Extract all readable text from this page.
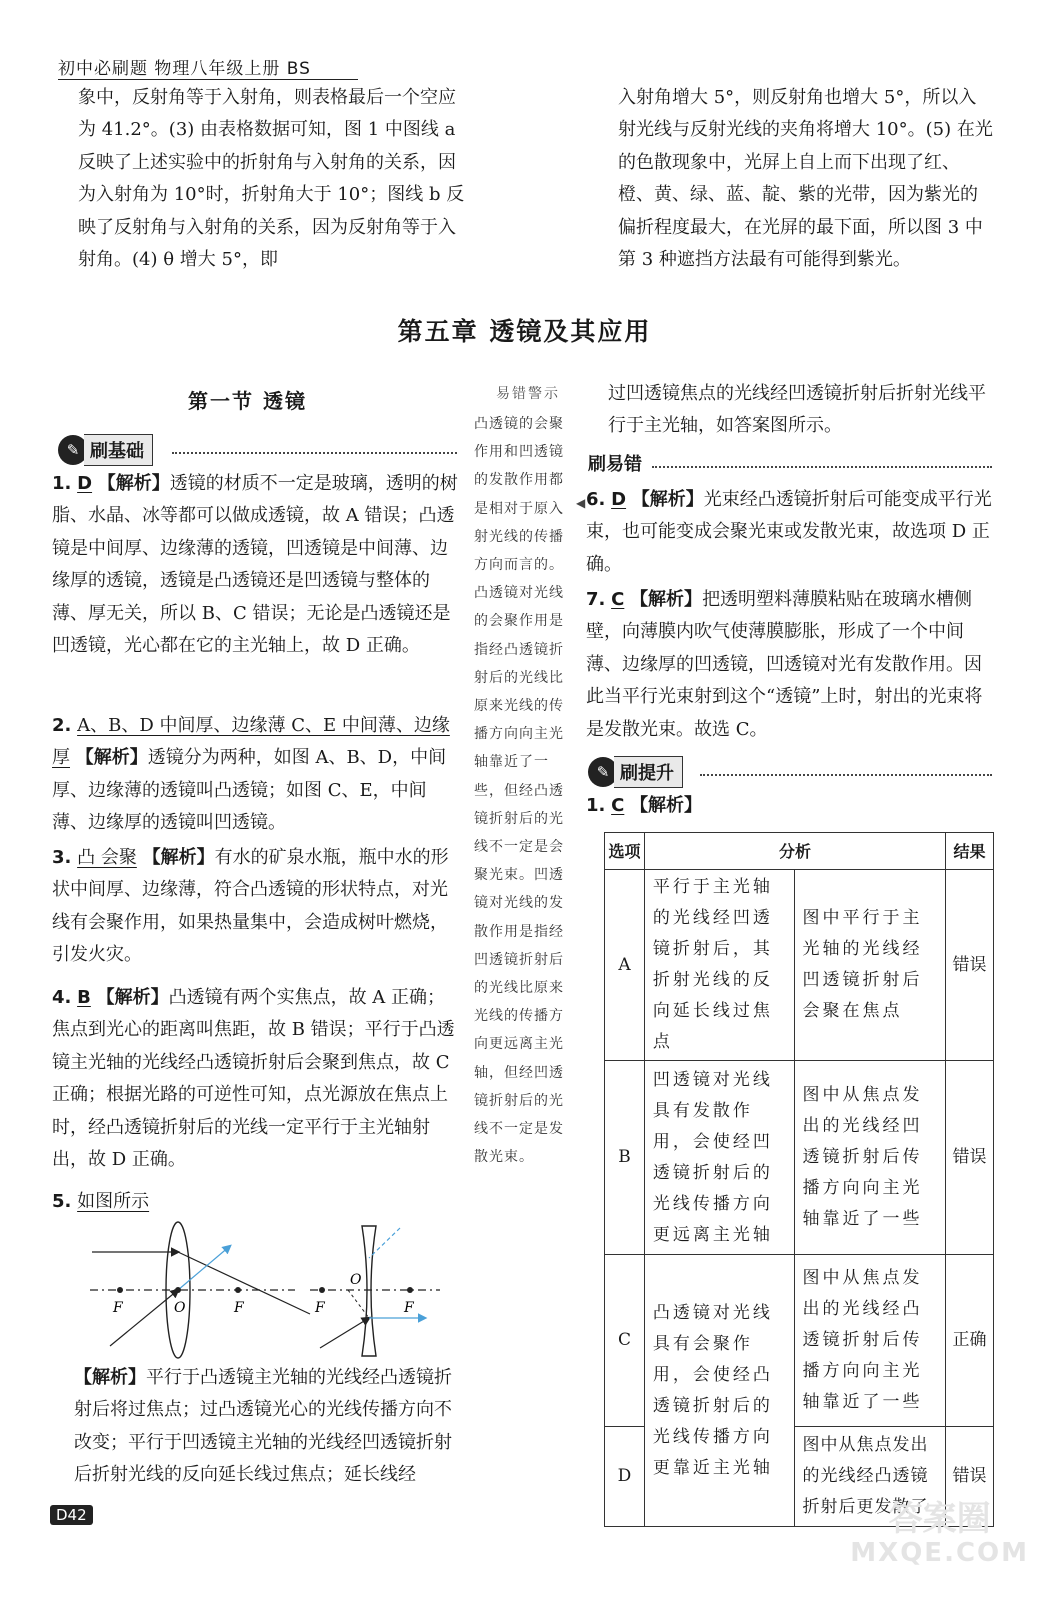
初中必刷题 物理八年级上册 BS

象中，反射角等于入射角，则表格最后一个空应为 41.2°。(3) 由表格数据可知，图 1 中图线 a 反映了上述实验中的折射角与入射角的关系，因为入射角为 10°时，折射角大于 10°；图线 b 反映了反射角与入射角的关系，因为反射角等于入射角。(4) θ 增大 5°，即

入射角增大 5°，则反射角也增大 5°，所以入射光线与反射光线的夹角将增大 10°。(5) 在光的色散现象中，光屏上自上而下出现了红、橙、黄、绿、蓝、靛、紫的光带，因为紫光的偏折程度最大，在光屏的最下面，所以图 3 中第 3 种遮挡方法最有可能得到紫光。

第五章 透镜及其应用
第一节 透镜
✎ 刷基础

1. D 【解析】透镜的材质不一定是玻璃，透明的树脂、水晶、冰等都可以做成透镜，故 A 错误；凸透镜是中间厚、边缘薄的透镜，凹透镜是中间薄、边缘厚的透镜，透镜是凸透镜还是凹透镜与整体的薄、厚无关，所以 B、C 错误；无论是凸透镜还是凹透镜，光心都在它的主光轴上，故 D 正确。

2. A、B、D 中间厚、边缘薄 C、E 中间薄、边缘厚 【解析】透镜分为两种，如图 A、B、D，中间厚、边缘薄的透镜叫凸透镜；如图 C、E，中间薄、边缘厚的透镜叫凹透镜。

3. 凸 会聚 【解析】有水的矿泉水瓶，瓶中水的形状中间厚、边缘薄，符合凸透镜的形状特点，对光线有会聚作用，如果热量集中，会造成树叶燃烧，引发火灾。

4. B 【解析】凸透镜有两个实焦点，故 A 正确；焦点到光心的距离叫焦距，故 B 错误；平行于凸透镜主光轴的光线经凸透镜折射后会聚到焦点，故 C 正确；根据光路的可逆性可知，点光源放在焦点上时，经凸透镜折射后的光线一定平行于主光轴射出，故 D 正确。

5. 如图所示

F	O	F	F
O
F

【解析】平行于凸透镜主光轴的光线经凸透镜折射后将过焦点；过凸透镜光心的光线传播方向不改变；平行于凹透镜主光轴的光线经凹透镜折射后折射光线的反向延长线过焦点；延长线经

易错警示

凸透镜的会聚作用和凹透镜的发散作用都是相对于原入射光线的传播方向而言的。凸透镜对光线的会聚作用是指经凸透镜折射后的光线比原来光线的传播方向向主光轴靠近了一些，但经凸透镜折射后的光线不一定是会聚光束。凹透镜对光线的发散作用是指经凹透镜折射后的光线比原来光线的传播方向更远离主光轴，但经凹透镜折射后的光线不一定是发散光束。

◀

过凹透镜焦点的光线经凹透镜折射后折射光线平行于主光轴，如答案图所示。

刷易错

6. D 【解析】光束经凸透镜折射后可能变成平行光束，也可能变成会聚光束或发散光束，故选项 D 正确。

7. C 【解析】把透明塑料薄膜粘贴在玻璃水槽侧壁，向薄膜内吹气使薄膜膨胀，形成了一个中间薄、边缘厚的凹透镜，凹透镜对光有发散作用。因此当平行光束射到这个“透镜”上时，射出的光束将是发散光束。故选 C。

✎ 刷提升

1. C 【解析】

选项	分析		结果
A	平行于主光轴的光线经凹透镜折射后，其折射光线的反向延长线过焦点	图中平行于主光轴的光线经凹透镜折射后会聚在焦点	错误
B	凹透镜对光线具有发散作用，会使经凹透镜折射后的光线传播方向更远离主光轴	图中从焦点发出的光线经凹透镜折射后传播方向向主光轴靠近了一些	错误
C	凸透镜对光线具有会聚作用，会使经凸透镜折射后的光线传播方向更靠近主光轴	图中从焦点发出的光线经凸透镜折射后传播方向向主光轴靠近了一些	正确
D		图中从焦点发出的光线经凸透镜折射后更发散了	错误
D42	答案圈
MXQE.COM
